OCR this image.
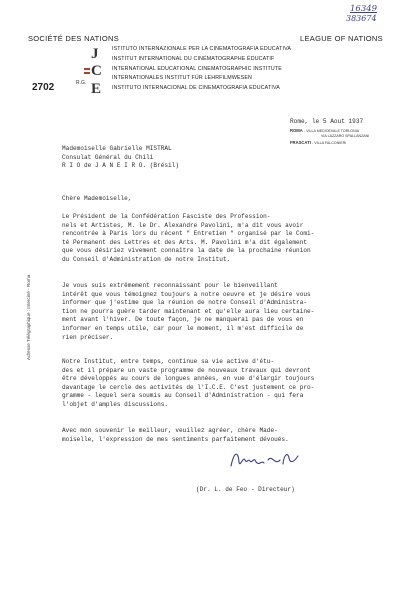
16349
383674
SOCIÉTÉ DES NATIONS	LEAGUE OF NATIONS
J
C
E
R.G.
2702
ISTITUTO INTERNAZIONALE PER LA CINEMATOGRAFIA EDUCATIVA
INSTITUT INTERNATIONAL DU CINÉMATOGRAPHE ÉDUCATIF
INTERNATIONAL EDUCATIONAL CINEMATOGRAPHIC INSTITUTE
INTERNATIONALES INSTITUT FÜR LEHRFILMWESEN
INSTITUTO INTERNACIONAL DE CINEMATOGRAFIA EDUCATIVA
Rome, le 5 Aout 1937
ROMA - VILLA MEDIOEVALE TORLONIA
VIA LAZZARO SPALLANZANI
FRASCATI - VILLA FALCONIERI
Mademoiselle Gabrielle MISTRAL
Consulat Général du Chili
R I O de J A N E I R O. (Brésil)
Adresse Télégraphique : Interciné - Roma
Chère Mademoiselle,
Le Président de la Confédération Fasciste des Profession-
nels et Artistes, M. le Dr. Alexandre Pavolini, m'a dit vous avoir
rencontrée à Paris lors du récent " Entretien " organisé par le Comi-
té Permanent des Lettres et des Arts. M. Pavolini m'a dit également
que vous désiriez vivement connaître la date de la prochaine réunion
du Conseil d'Administration de notre Institut.
Je vous suis extrêmement reconnaissant pour le bienveillant
intérêt que vous témoignez toujours à notre oeuvre et je désire vous
informer que j'estime que la réunion de notre Conseil d'Administra-
tion ne pourra guère tarder maintenant et qu'elle aura lieu certaine-
ment avant l'hiver. De toute façon, je ne manquerai pas de vous en
informer en temps utile, car pour le moment, il m'est difficile de
rien préciser.
Notre Institut, entre temps, continue sa vie active d'étu-
des et il prépare un vaste programme de nouveaux travaux qui devront
être développés au cours de longues années, en vue d'élargir toujours
davantage le cercle des activités de l'I.C.E. C'est justement ce pro-
gramme - lequel sera soumis au Conseil d'Administration - qui fera
l'objet d'amples discussions.
Avec mon souvenir le meilleur, veuillez agréer, chère Made-
moiselle, l'expression de mes sentiments parfaitement dévoués.
(Dr. L. de Feo - Directeur)
